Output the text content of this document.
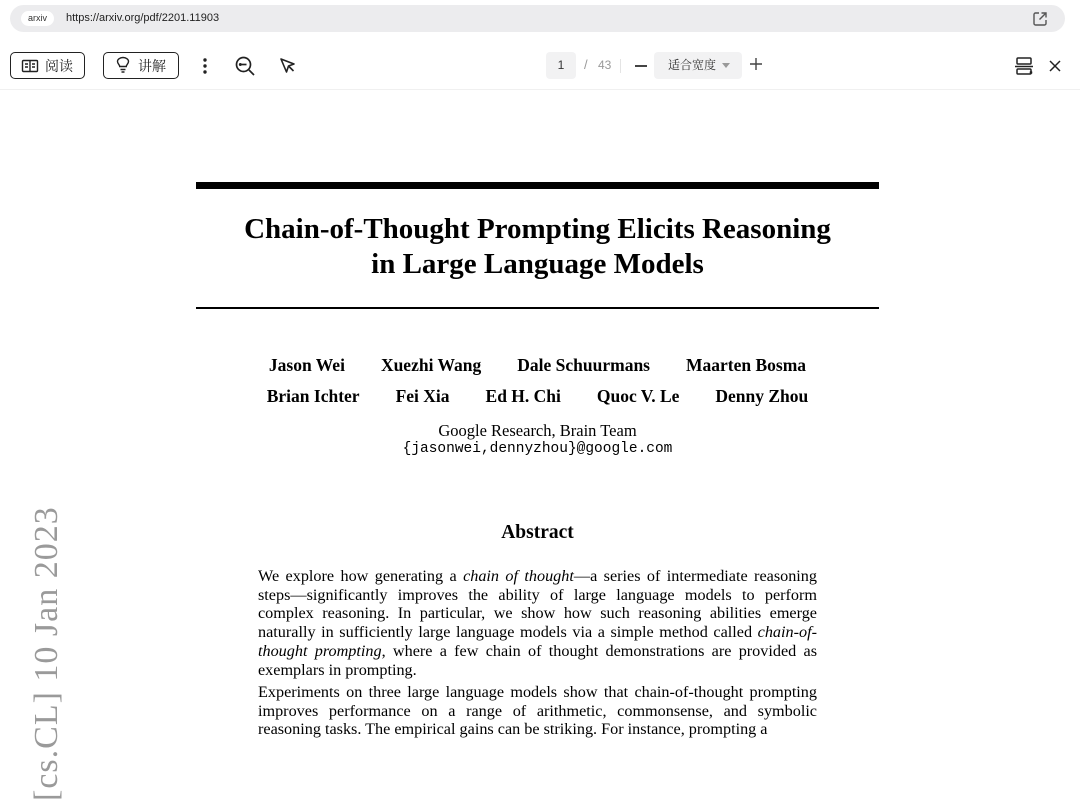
arxiv	https://arxiv.org/pdf/2201.11903
阅读	讲解	1	/ 43	适合宽度
[cs.CL] 10 Jan 2023
Chain-of-Thought Prompting Elicits Reasoning
in Large Language Models
Jason Wei Xuezhi Wang Dale Schuurmans Maarten Bosma
Brian Ichter Fei Xia Ed H. Chi Quoc V. Le Denny Zhou
Google Research, Brain Team
{jasonwei,dennyzhou}@google.com
Abstract

We explore how generating a chain of thought—a series of intermediate reasoning steps—significantly improves the ability of large language models to perform complex reasoning. In particular, we show how such reasoning abilities emerge naturally in sufficiently large language models via a simple method called chain-of-thought prompting, where a few chain of thought demonstrations are provided as exemplars in prompting.

Experiments on three large language models show that chain-of-thought prompting improves performance on a range of arithmetic, commonsense, and symbolic reasoning tasks. The empirical gains can be striking. For instance, prompting a
